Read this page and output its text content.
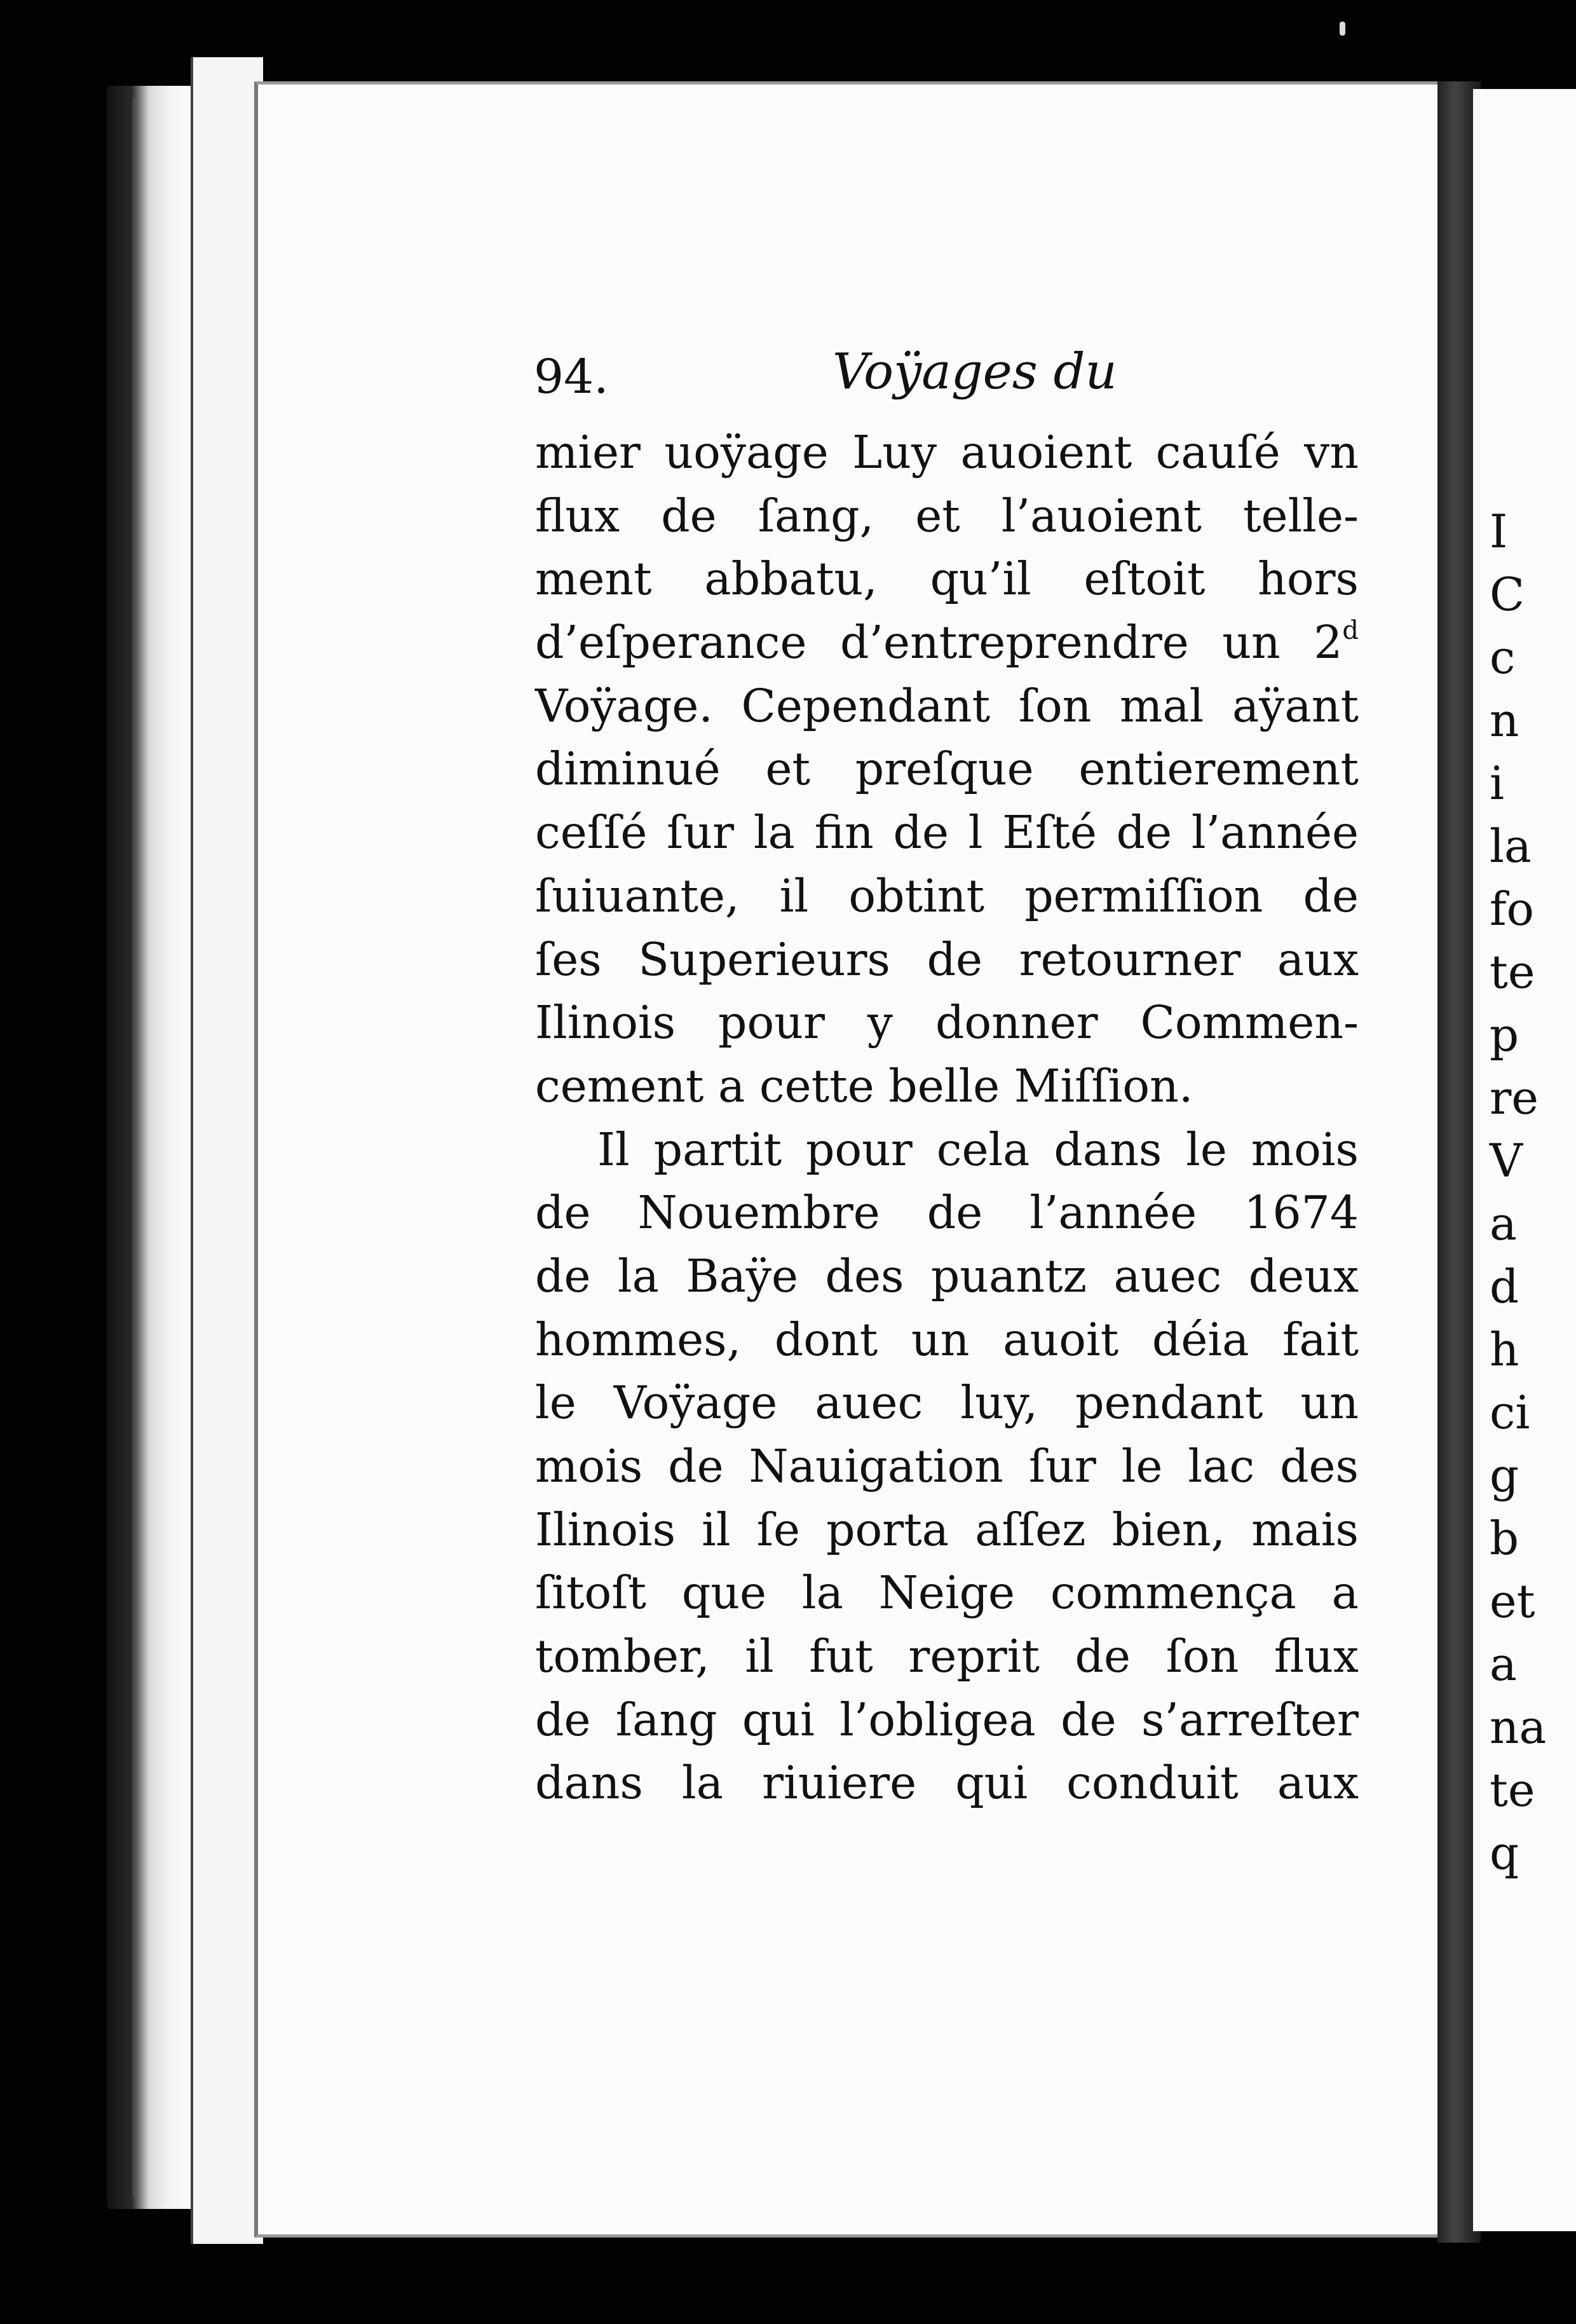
94.	Voÿages du
mier uoÿage Luy auoient cauſé vn
flux de ſang, et l’auoient telle-
ment abbatu, qu’il eſtoit hors
d’eſperance d’entreprendre un 2$^d$
Voÿage. Cependant ſon mal aÿant
diminué et preſque entierement
ceſſé ſur la fin de l Eſté de l’année
ſuiuante, il obtint permiſſion de
ſes Superieurs de retourner aux
Ilinois pour y donner Commen-
cement a cette belle Miſſion.
Il partit pour cela dans le mois
de Nouembre de l’année 1674
de la Baÿe des puantz auec deux
hommes, dont un auoit déia fait
le Voÿage auec luy, pendant un
mois de Nauigation ſur le lac des
Ilinois il ſe porta aſſez bien, mais
ſitoſt que la Neige commença a
tomber, il fut reprit de ſon flux
de ſang qui l’obligea de s’arreſter
dans la riuiere qui conduit aux
I
C
c
n
i
la
fo
te
p
re
V
a
d
h
ci
g
b
et
a
na
te
q
